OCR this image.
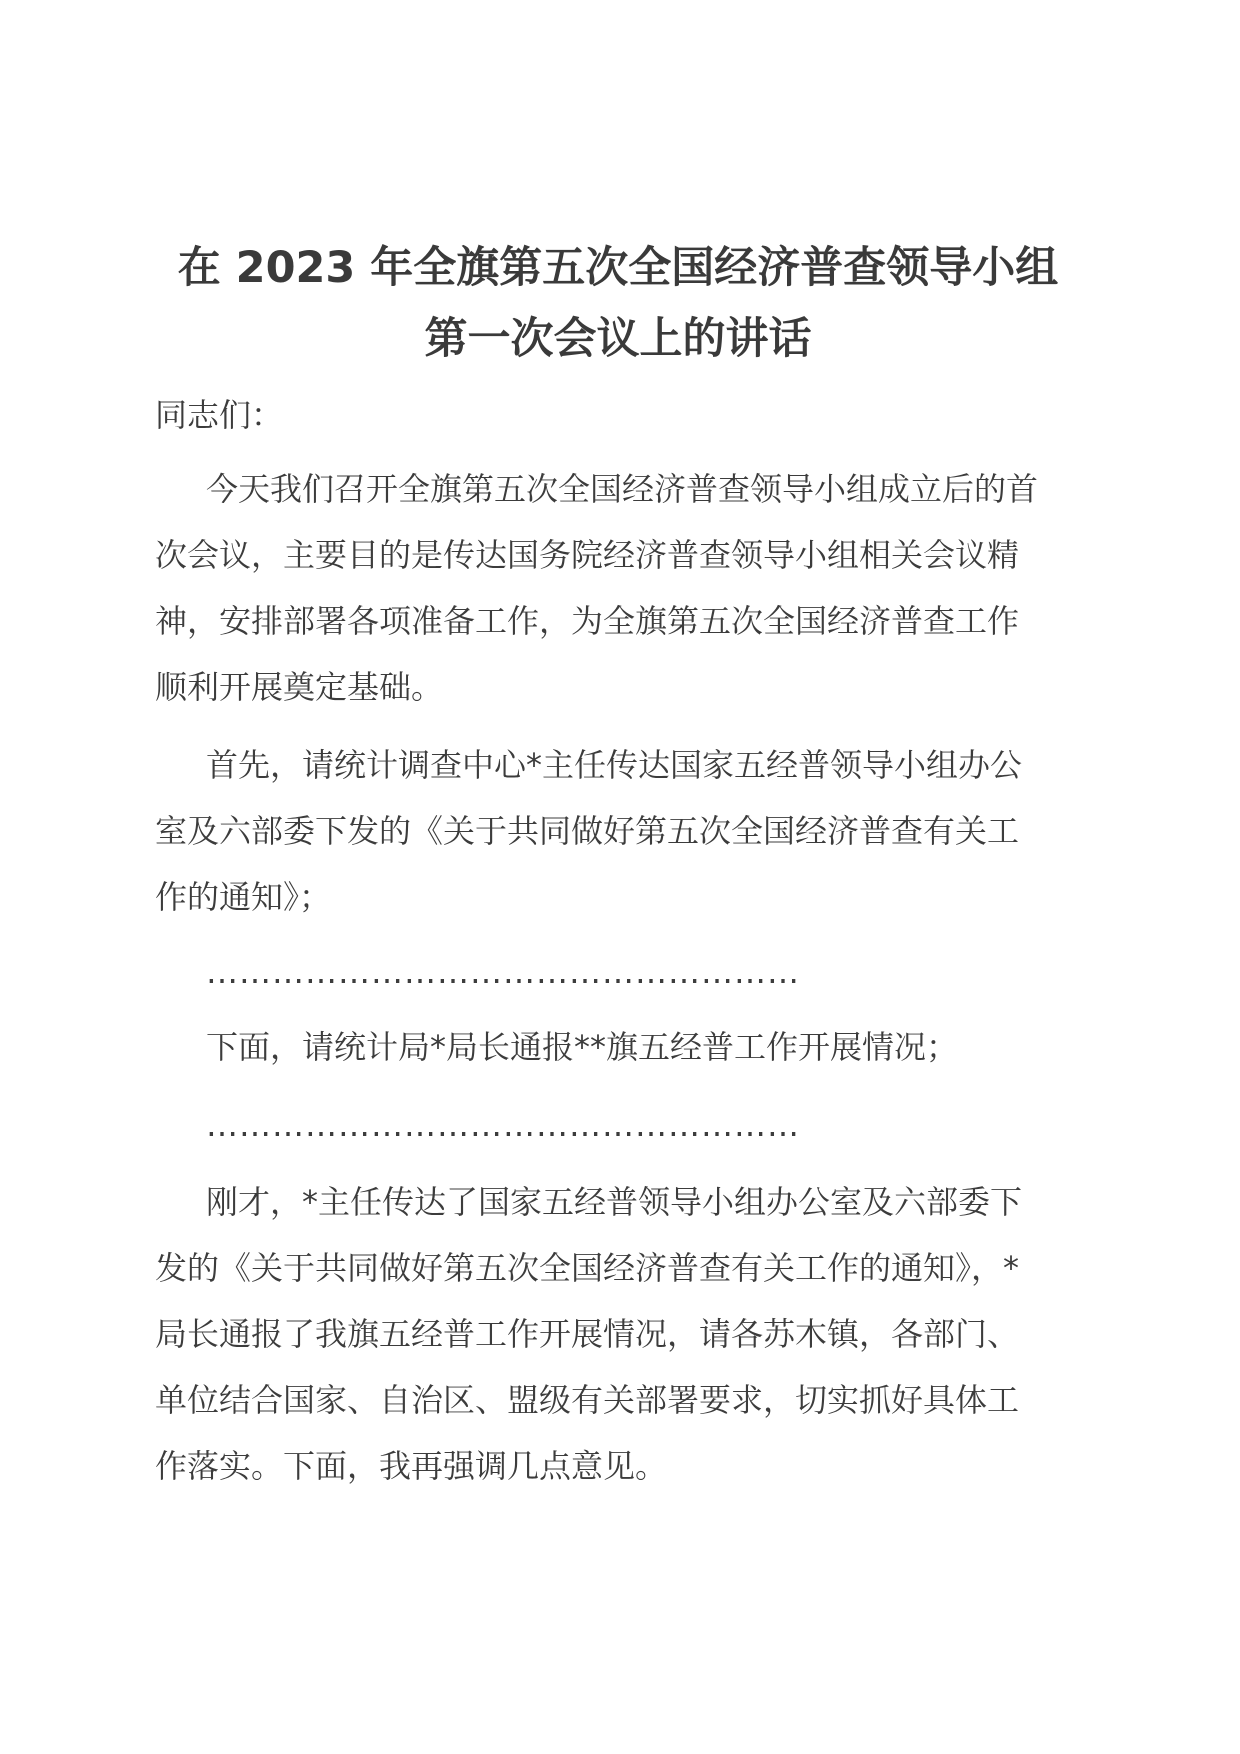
在 2023 年全旗第五次全国经济普查领导小组
第一次会议上的讲话

同志们：

今天我们召开全旗第五次全国经济普查领导小组成立后的首
次会议，主要目的是传达国务院经济普查领导小组相关会议精
神，安排部署各项准备工作，为全旗第五次全国经济普查工作
顺利开展奠定基础。
首先，请统计调查中心*主任传达国家五经普领导小组办公
室及六部委下发的《关于共同做好第五次全国经济普查有关工
作的通知》；

………………………………………………

下面，请统计局*局长通报**旗五经普工作开展情况；

………………………………………………

刚才，*主任传达了国家五经普领导小组办公室及六部委下
发的《关于共同做好第五次全国经济普查有关工作的通知》，*
局长通报了我旗五经普工作开展情况，请各苏木镇，各部门、
单位结合国家、自治区、盟级有关部署要求，切实抓好具体工
作落实。下面，我再强调几点意见。
